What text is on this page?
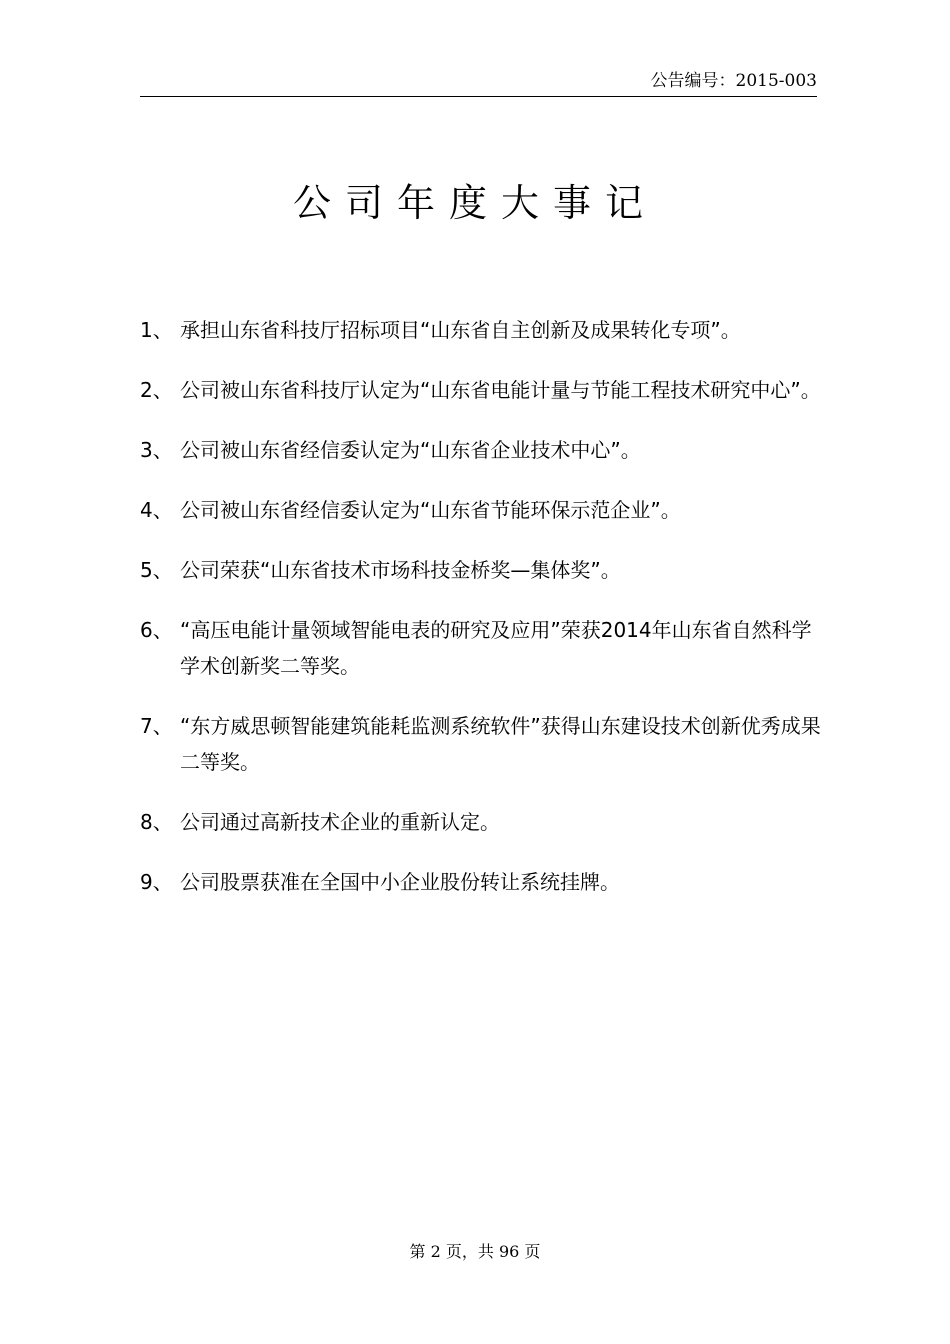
公告编号：2015-003
公司年度大事记
1、 承担山东省科技厅招标项目“山东省自主创新及成果转化专项”。
2、 公司被山东省科技厅认定为“山东省电能计量与节能工程技术研究中心”。
3、 公司被山东省经信委认定为“山东省企业技术中心”。
4、 公司被山东省经信委认定为“山东省节能环保示范企业”。
5、 公司荣获“山东省技术市场科技金桥奖—集体奖”。
6、 “高压电能计量领域智能电表的研究及应用”荣获2014年山东省自然科学学术创新奖二等奖。
7、 “东方威思顿智能建筑能耗监测系统软件”获得山东建设技术创新优秀成果二等奖。
8、 公司通过高新技术企业的重新认定。
9、 公司股票获准在全国中小企业股份转让系统挂牌。
第 2 页，共 96 页
